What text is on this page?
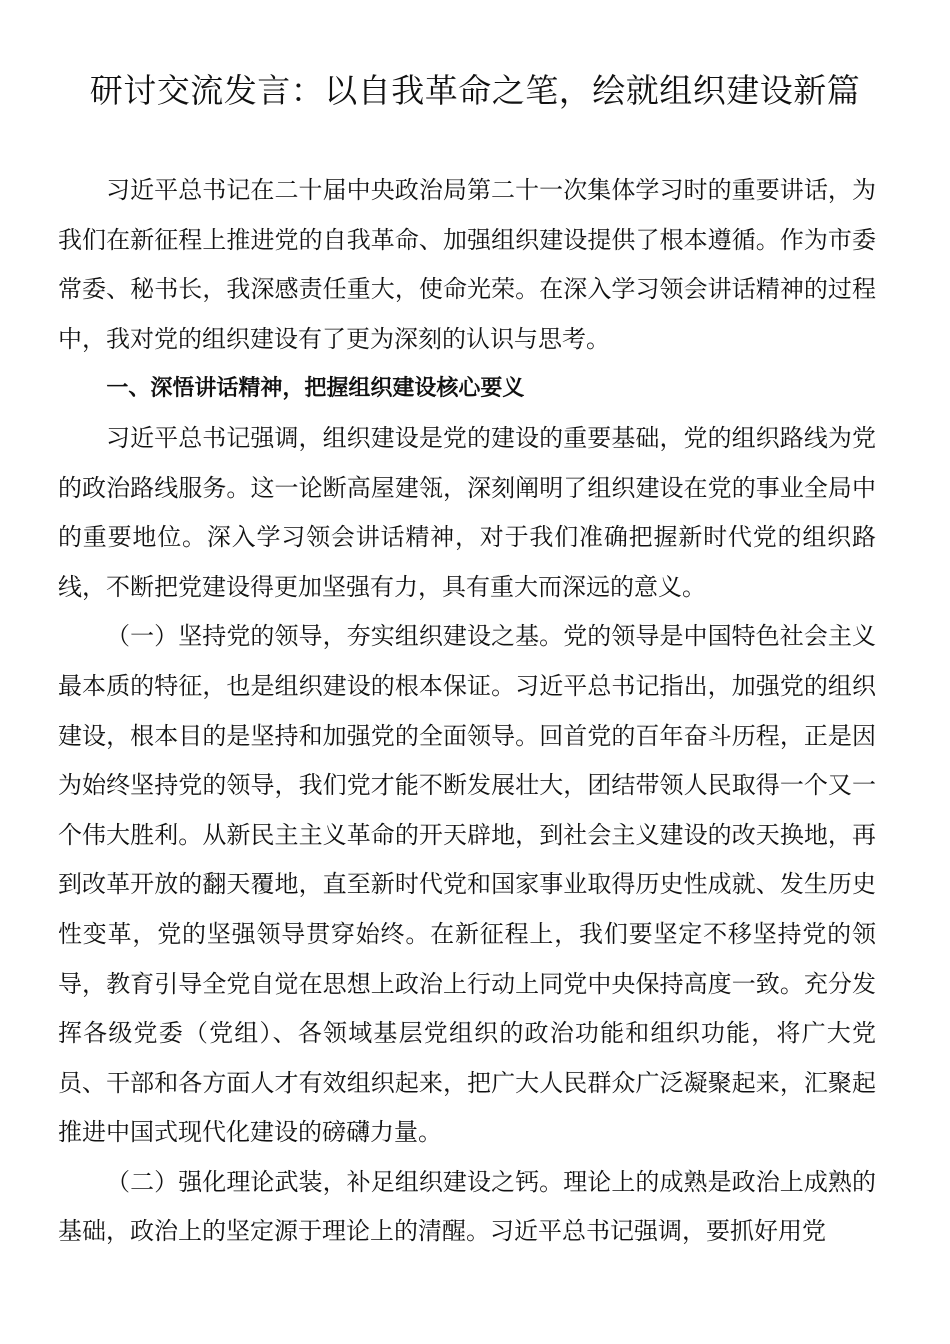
研讨交流发言：以自我革命之笔，绘就组织建设新篇

习近平总书记在二十届中央政治局第二十一次集体学习时的重要讲话，为我们在新征程上推进党的自我革命、加强组织建设提供了根本遵循。作为市委常委、秘书长，我深感责任重大，使命光荣。在深入学习领会讲话精神的过程中，我对党的组织建设有了更为深刻的认识与思考。

一、深悟讲话精神，把握组织建设核心要义

习近平总书记强调，组织建设是党的建设的重要基础，党的组织路线为党的政治路线服务。这一论断高屋建瓴，深刻阐明了组织建设在党的事业全局中的重要地位。深入学习领会讲话精神，对于我们准确把握新时代党的组织路线，不断把党建设得更加坚强有力，具有重大而深远的意义。

（一）坚持党的领导，夯实组织建设之基。党的领导是中国特色社会主义最本质的特征，也是组织建设的根本保证。习近平总书记指出，加强党的组织建设，根本目的是坚持和加强党的全面领导。回首党的百年奋斗历程，正是因为始终坚持党的领导，我们党才能不断发展壮大，团结带领人民取得一个又一个伟大胜利。从新民主主义革命的开天辟地，到社会主义建设的改天换地，再到改革开放的翻天覆地，直至新时代党和国家事业取得历史性成就、发生历史性变革，党的坚强领导贯穿始终。在新征程上，我们要坚定不移坚持党的领导，教育引导全党自觉在思想上政治上行动上同党中央保持高度一致。充分发挥各级党委（党组）、各领域基层党组织的政治功能和组织功能，将广大党员、干部和各方面人才有效组织起来，把广大人民群众广泛凝聚起来，汇聚起推进中国式现代化建设的磅礴力量。

（二）强化理论武装，补足组织建设之钙。理论上的成熟是政治上成熟的基础，政治上的坚定源于理论上的清醒。习近平总书记强调，要抓好用党
